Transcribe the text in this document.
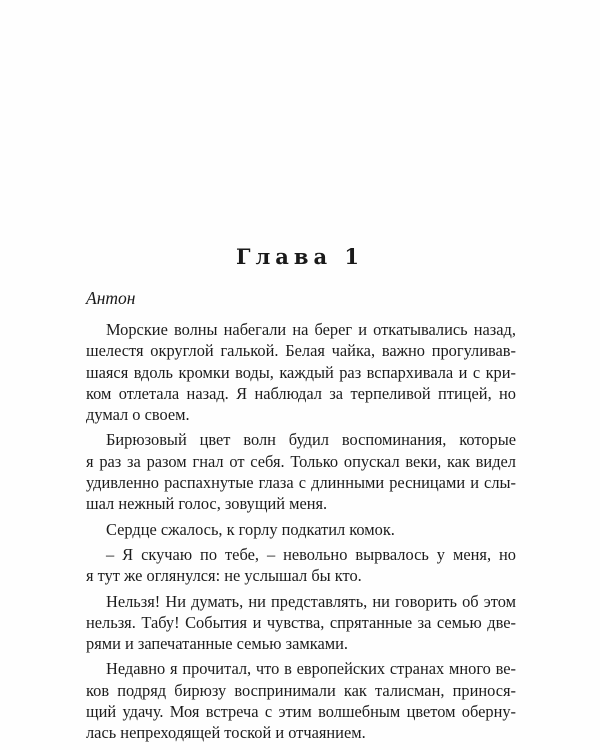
Глава 1
Антон
Морские волны набегали на берег и откатывались назад,
шелестя округлой галькой. Белая чайка, важно прогуливав-
шаяся вдоль кромки воды, каждый раз вспархивала и с кри-
ком отлетала назад. Я наблюдал за терпеливой птицей, но
думал о своем.
Бирюзовый цвет волн будил воспоминания, которые
я раз за разом гнал от себя. Только опускал веки, как видел
удивленно распахнутые глаза с длинными ресницами и слы-
шал нежный голос, зовущий меня.
Сердце сжалось, к горлу подкатил комок.
– Я скучаю по тебе, – невольно вырвалось у меня, но
я тут же оглянулся: не услышал бы кто.
Нельзя! Ни думать, ни представлять, ни говорить об этом
нельзя. Табу! События и чувства, спрятанные за семью две-
рями и запечатанные семью замками.
Недавно я прочитал, что в европейских странах много ве-
ков подряд бирюзу воспринимали как талисман, принося-
щий удачу. Моя встреча с этим волшебным цветом оберну-
лась непреходящей тоской и отчаянием.
